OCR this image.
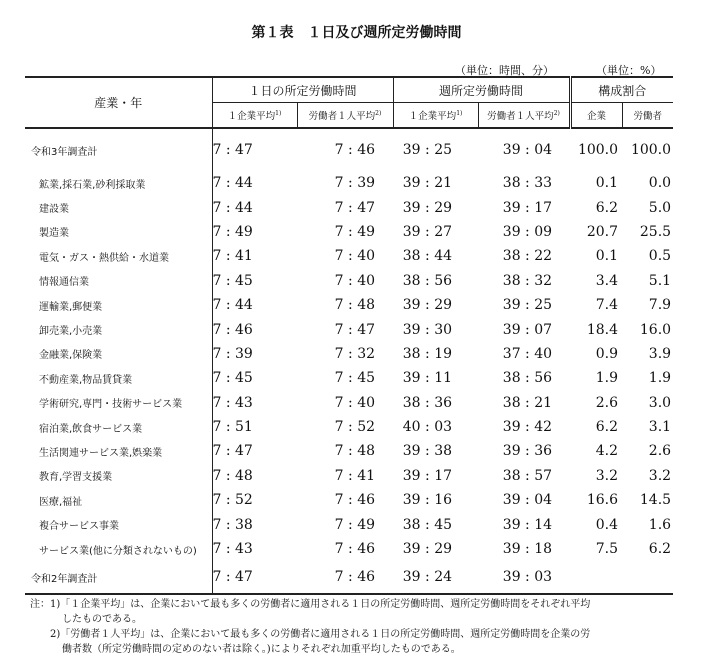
第１表　１日及び週所定労働時間
（単位：時間、分）	（単位：%）
産業・年	１日の所定労働時間		週所定労働時間		構成割合	
	１企業平均$^{1)}$	労働者１人平均$^{2)}$	１企業平均$^{1)}$	労働者１人平均$^{2)}$	企業	労働者
令和3年調査計	7 : 47	7 : 46	39 : 25	39 : 04	100.0	100.0
鉱業,採石業,砂利採取業	7 : 44	7 : 39	39 : 21	38 : 33	0.1	0.0
建設業	7 : 44	7 : 47	39 : 29	39 : 17	6.2	5.0
製造業	7 : 49	7 : 49	39 : 27	39 : 09	20.7	25.5
電気・ガス・熱供給・水道業	7 : 41	7 : 40	38 : 44	38 : 22	0.1	0.5
情報通信業	7 : 45	7 : 40	38 : 56	38 : 32	3.4	5.1
運輸業,郵便業	7 : 44	7 : 48	39 : 29	39 : 25	7.4	7.9
卸売業,小売業	7 : 46	7 : 47	39 : 30	39 : 07	18.4	16.0
金融業,保険業	7 : 39	7 : 32	38 : 19	37 : 40	0.9	3.9
不動産業,物品賃貸業	7 : 45	7 : 45	39 : 11	38 : 56	1.9	1.9
学術研究,専門・技術サービス業	7 : 43	7 : 40	38 : 36	38 : 21	2.6	3.0
宿泊業,飲食サービス業	7 : 51	7 : 52	40 : 03	39 : 42	6.2	3.1
生活関連サービス業,娯楽業	7 : 47	7 : 48	39 : 38	39 : 36	4.2	2.6
教育,学習支援業	7 : 48	7 : 41	39 : 17	38 : 57	3.2	3.2
医療,福祉	7 : 52	7 : 46	39 : 16	39 : 04	16.6	14.5
複合サービス事業	7 : 38	7 : 49	38 : 45	39 : 14	0.4	1.6
サービス業(他に分類されないもの)	7 : 43	7 : 46	39 : 29	39 : 18	7.5	6.2
令和2年調査計	7 : 47	7 : 46	39 : 24	39 : 03		
注：1)「１企業平均」は、企業において最も多くの労働者に適用される１日の所定労働時間、週所定労働時間をそれぞれ平均
したものである。
2)「労働者１人平均」は、企業において最も多くの労働者に適用される１日の所定労働時間、週所定労働時間を企業の労
働者数（所定労働時間の定めのない者は除く。)によりそれぞれ加重平均したものである。
